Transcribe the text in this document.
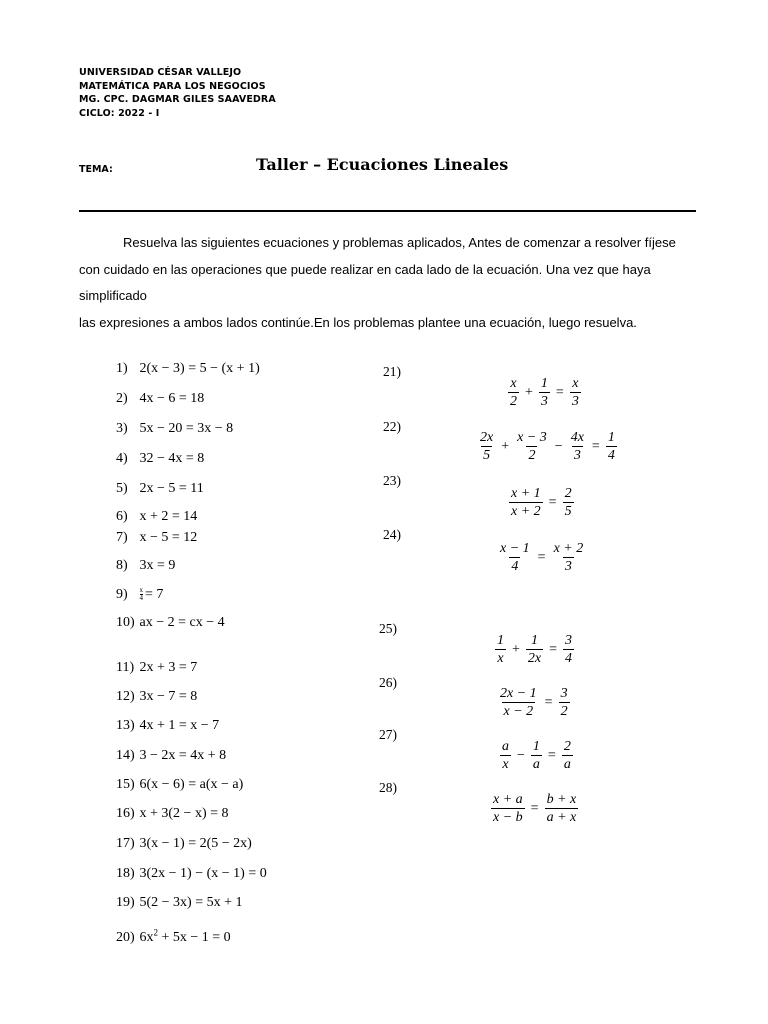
UNIVERSIDAD CÉSAR VALLEJO
MATEMÁTICA PARA LOS NEGOCIOS
MG. CPC. DAGMAR GILES SAAVEDRA
CICLO: 2022 - I
TEMA:	Taller – Ecuaciones Lineales
Resuelva las siguientes ecuaciones y problemas aplicados, Antes de comenzar a resolver fíjese
con cuidado en las operaciones que puede realizar en cada lado de la ecuación. Una vez que haya simplificado
las expresiones a ambos lados continúe.En los problemas plantee una ecuación, luego resuelva.
1) 2(x − 3) = 5 − (x + 1)
2) 4x − 6 = 18
3) 5x − 20 = 3x − 8
4) 32 − 4x = 8
5) 2x − 5 = 11
6) x + 2 = 14
7) x − 5 = 12
8) 3x = 9
$9) \frac{x}{4} = 7$
10) ax − 2 = cx − 4
11) 2x + 3 = 7
12) 3x − 7 = 8
13) 4x + 1 = x − 7
14) 3 − 2x = 4x + 8
15) 6(x − 6) = a(x − a)
16) x + 3(2 − x) = 8
17) 3(x − 1) = 2(5 − 2x)
18) 3(2x − 1) − (x − 1) = 0
19) 5(2 − 3x) = 5x + 1
20) $6x^2 + 5x - 1 = 0$
21)
$\frac{x}{2} + \frac{1}{3} = \frac{x}{3}$
22)
$\frac{2x}{5} + \frac{x - 3}{2} - \frac{4x}{3} = \frac{1}{4}$
23)
$\frac{x + 1}{x + 2} = \frac{2}{5}$
24)
$\frac{x - 1}{4} = \frac{x + 2}{3}$
25)
$\frac{1}{x} + \frac{1}{2x} = \frac{3}{4}$
26)
$\frac{2x - 1}{x - 2} = \frac{3}{2}$
27)
$\frac{a}{x} - \frac{1}{a} = \frac{2}{a}$
28)
$\frac{x + a}{x - b} = \frac{b + x}{a + x}$
